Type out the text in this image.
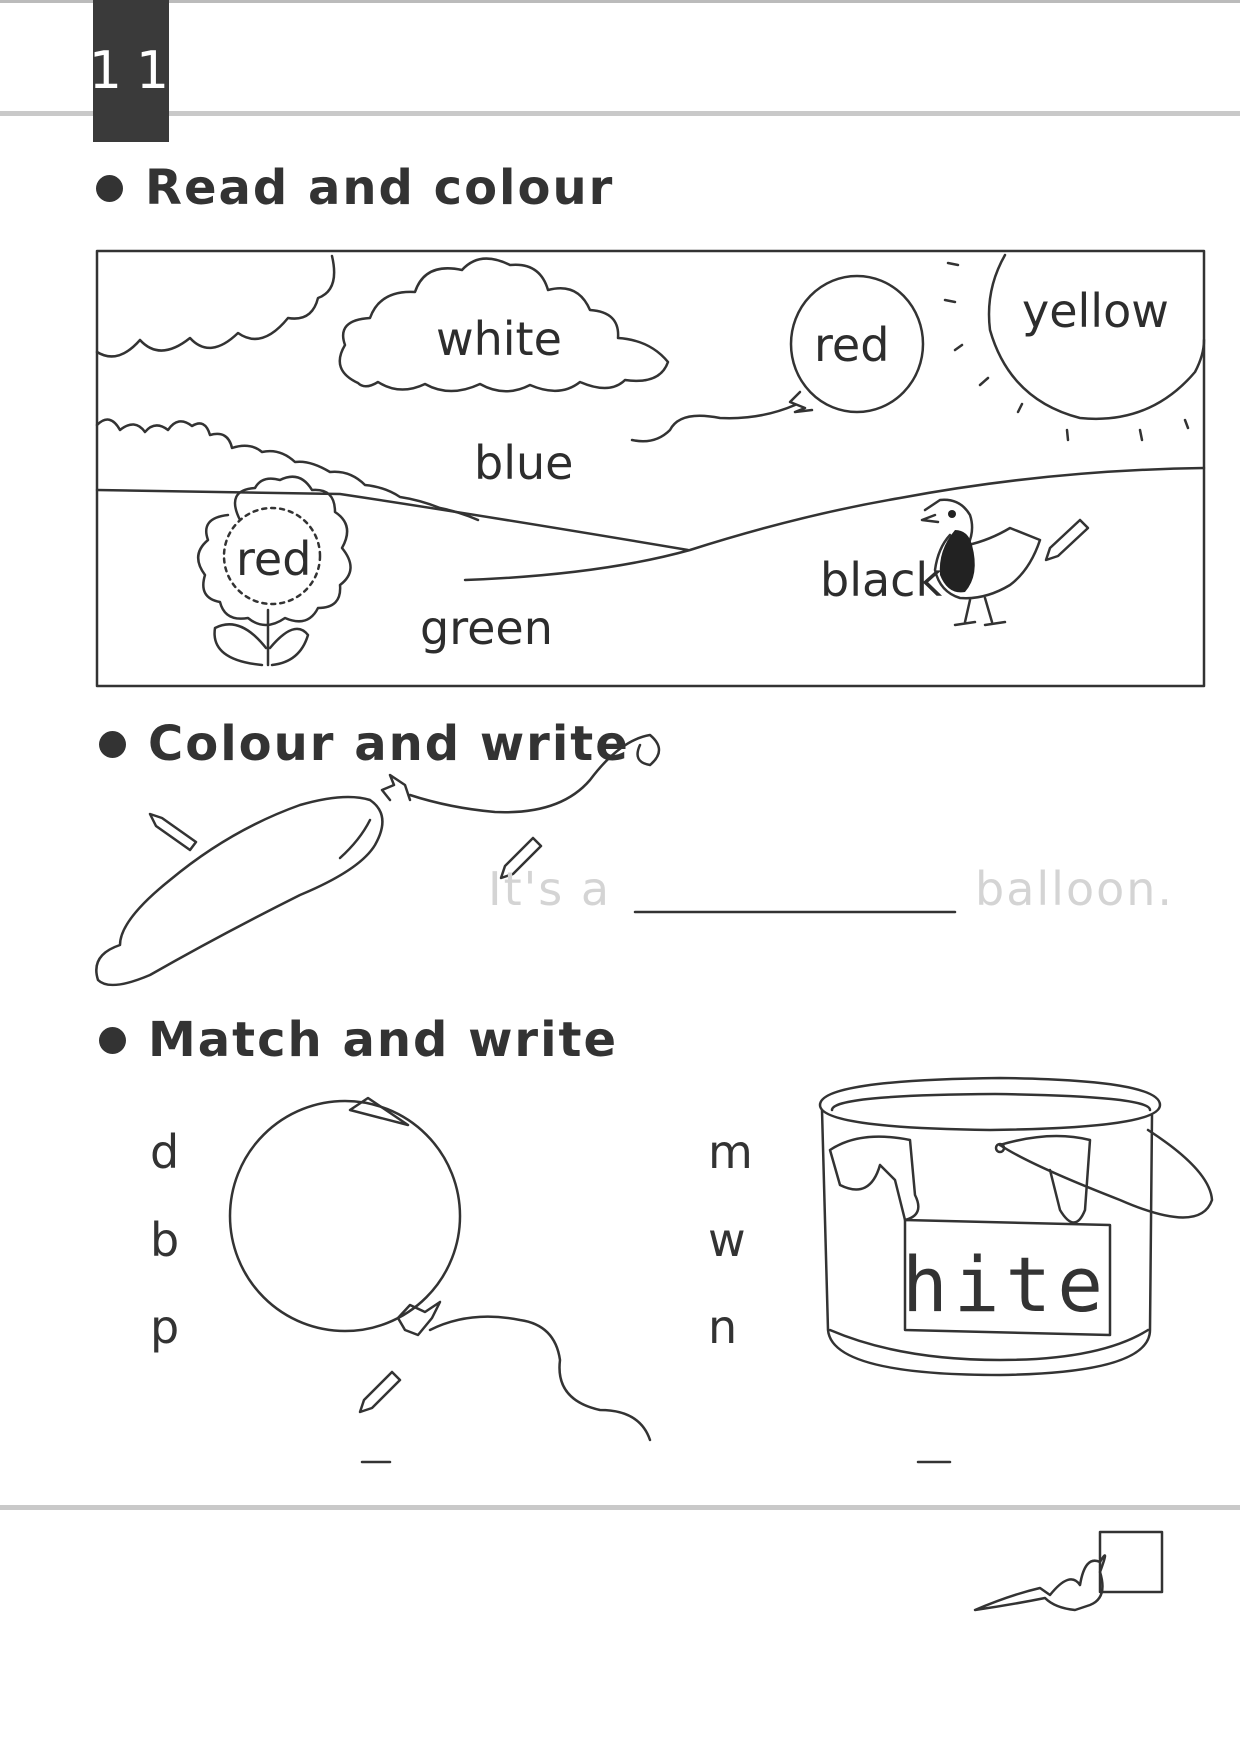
11
Read and colour
white	red
yellow
blue
red
green
black
Colour and write
It's a	balloon.
Match and write
d
b
p
m
w
n hite
